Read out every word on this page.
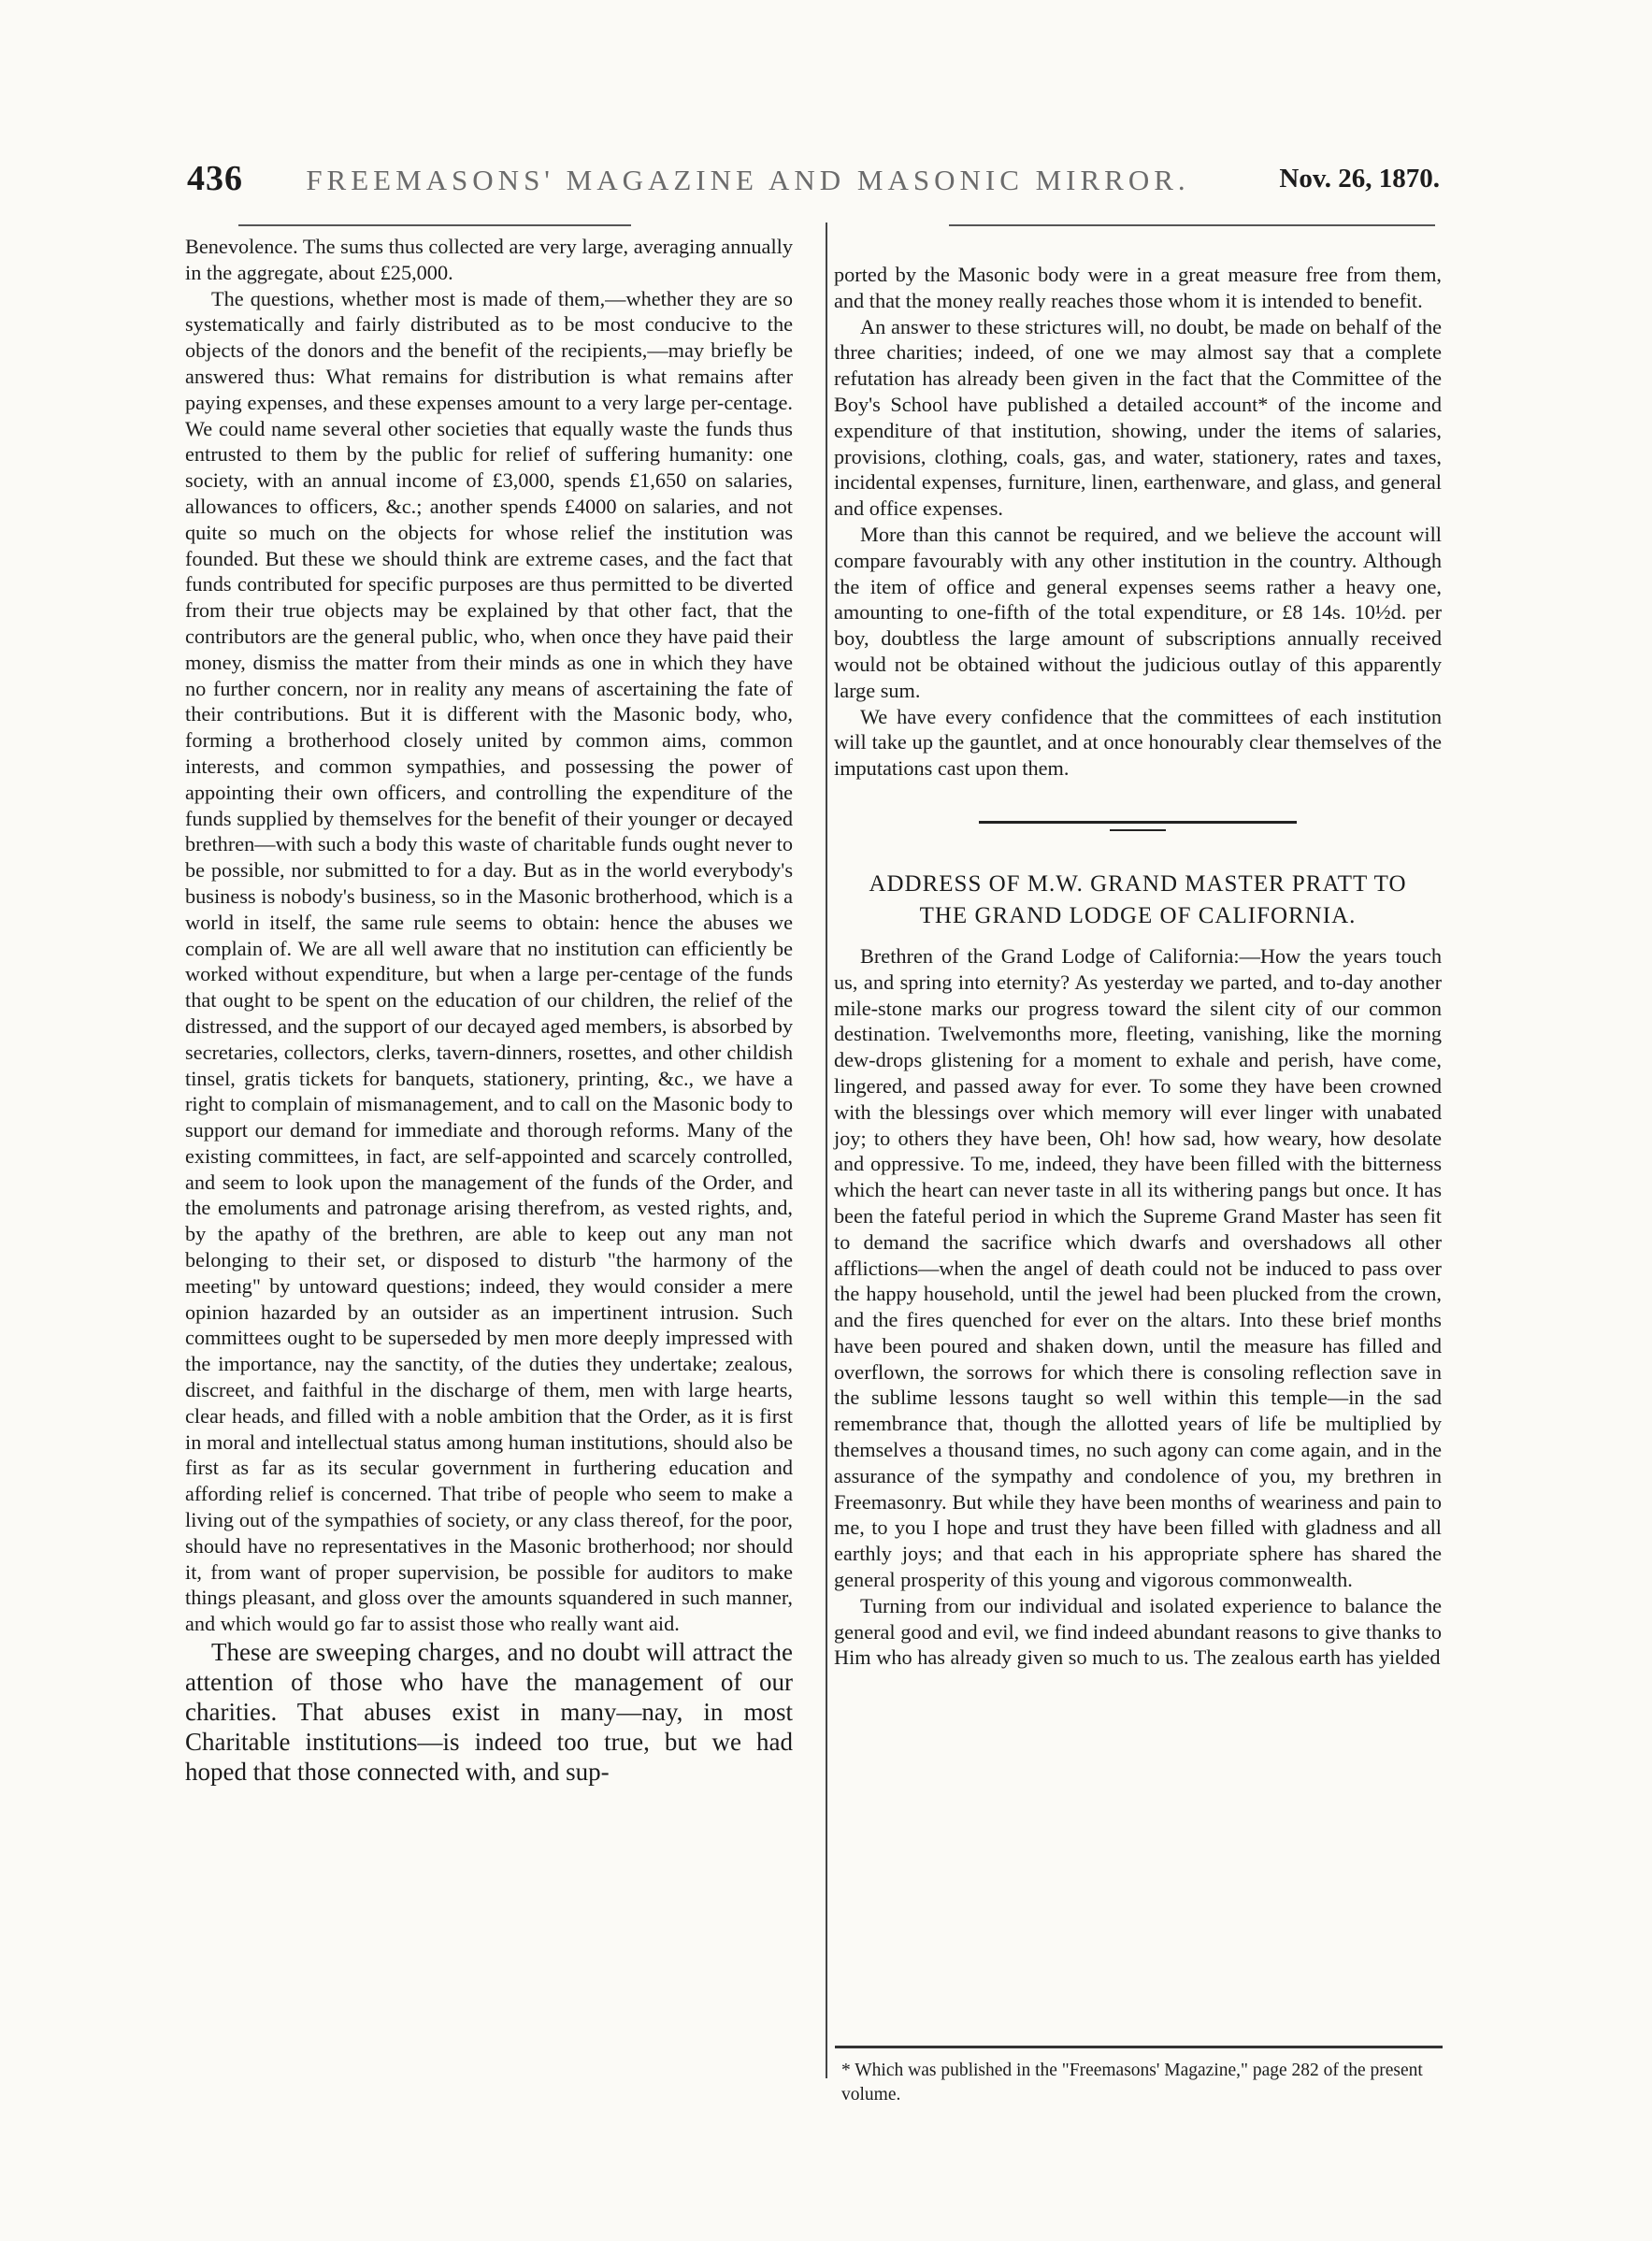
436	FREEMASONS' MAGAZINE AND MASONIC MIRROR.	Nov. 26, 1870.

Benevolence. The sums thus collected are very large, averaging annually in the aggregate, about £25,000.

The questions, whether most is made of them,—whether they are so systematically and fairly distributed as to be most conducive to the objects of the donors and the benefit of the recipients,—may briefly be answered thus: What remains for distribution is what remains after paying expenses, and these expenses amount to a very large per-centage. We could name several other societies that equally waste the funds thus entrusted to them by the public for relief of suffering humanity: one society, with an annual income of £3,000, spends £1,650 on salaries, allowances to officers, &c.; another spends £4000 on salaries, and not quite so much on the objects for whose relief the institution was founded. But these we should think are extreme cases, and the fact that funds contributed for specific purposes are thus permitted to be diverted from their true objects may be explained by that other fact, that the contributors are the general public, who, when once they have paid their money, dismiss the matter from their minds as one in which they have no further concern, nor in reality any means of ascertaining the fate of their contributions. But it is different with the Masonic body, who, forming a brotherhood closely united by common aims, common interests, and common sympathies, and possessing the power of appointing their own officers, and controlling the expenditure of the funds supplied by themselves for the benefit of their younger or decayed brethren—with such a body this waste of charitable funds ought never to be possible, nor submitted to for a day. But as in the world everybody's business is nobody's business, so in the Masonic brotherhood, which is a world in itself, the same rule seems to obtain: hence the abuses we complain of. We are all well aware that no institution can efficiently be worked without expenditure, but when a large per-centage of the funds that ought to be spent on the education of our children, the relief of the distressed, and the support of our decayed aged members, is absorbed by secretaries, collectors, clerks, tavern-dinners, rosettes, and other childish tinsel, gratis tickets for banquets, stationery, printing, &c., we have a right to complain of mismanagement, and to call on the Masonic body to support our demand for immediate and thorough reforms. Many of the existing committees, in fact, are self-appointed and scarcely controlled, and seem to look upon the management of the funds of the Order, and the emoluments and patronage arising therefrom, as vested rights, and, by the apathy of the brethren, are able to keep out any man not belonging to their set, or disposed to disturb "the harmony of the meeting" by untoward questions; indeed, they would consider a mere opinion hazarded by an outsider as an impertinent intrusion. Such committees ought to be superseded by men more deeply impressed with the importance, nay the sanctity, of the duties they undertake; zealous, discreet, and faithful in the discharge of them, men with large hearts, clear heads, and filled with a noble ambition that the Order, as it is first in moral and intellectual status among human institutions, should also be first as far as its secular government in furthering education and affording relief is concerned. That tribe of people who seem to make a living out of the sympathies of society, or any class thereof, for the poor, should have no representatives in the Masonic brotherhood; nor should it, from want of proper supervision, be possible for auditors to make things pleasant, and gloss over the amounts squandered in such manner, and which would go far to assist those who really want aid.

These are sweeping charges, and no doubt will attract the attention of those who have the management of our charities. That abuses exist in many—nay, in most Charitable institutions—is indeed too true, but we had hoped that those connected with, and sup-

ported by the Masonic body were in a great measure free from them, and that the money really reaches those whom it is intended to benefit.

An answer to these strictures will, no doubt, be made on behalf of the three charities; indeed, of one we may almost say that a complete refutation has already been given in the fact that the Committee of the Boy's School have published a detailed account* of the income and expenditure of that institution, showing, under the items of salaries, provisions, clothing, coals, gas, and water, stationery, rates and taxes, incidental expenses, furniture, linen, earthenware, and glass, and general and office expenses.

More than this cannot be required, and we believe the account will compare favourably with any other institution in the country. Although the item of office and general expenses seems rather a heavy one, amounting to one-fifth of the total expenditure, or £8 14s. 10½d. per boy, doubtless the large amount of subscriptions annually received would not be obtained without the judicious outlay of this apparently large sum.

We have every confidence that the committees of each institution will take up the gauntlet, and at once honourably clear themselves of the imputations cast upon them.

ADDRESS OF M.W. GRAND MASTER PRATT TO
THE GRAND LODGE OF CALIFORNIA.

Brethren of the Grand Lodge of California:—How the years touch us, and spring into eternity? As yesterday we parted, and to-day another mile-stone marks our progress toward the silent city of our common destination. Twelvemonths more, fleeting, vanishing, like the morning dew-drops glistening for a moment to exhale and perish, have come, lingered, and passed away for ever. To some they have been crowned with the blessings over which memory will ever linger with unabated joy; to others they have been, Oh! how sad, how weary, how desolate and oppressive. To me, indeed, they have been filled with the bitterness which the heart can never taste in all its withering pangs but once. It has been the fateful period in which the Supreme Grand Master has seen fit to demand the sacrifice which dwarfs and overshadows all other afflictions—when the angel of death could not be induced to pass over the happy household, until the jewel had been plucked from the crown, and the fires quenched for ever on the altars. Into these brief months have been poured and shaken down, until the measure has filled and overflown, the sorrows for which there is consoling reflection save in the sublime lessons taught so well within this temple—in the sad remembrance that, though the allotted years of life be multiplied by themselves a thousand times, no such agony can come again, and in the assurance of the sympathy and condolence of you, my brethren in Freemasonry. But while they have been months of weariness and pain to me, to you I hope and trust they have been filled with gladness and all earthly joys; and that each in his appropriate sphere has shared the general prosperity of this young and vigorous commonwealth.

Turning from our individual and isolated experience to balance the general good and evil, we find indeed abundant reasons to give thanks to Him who has already given so much to us. The zealous earth has yielded

* Which was published in the "Freemasons' Magazine," page 282 of the present volume.
